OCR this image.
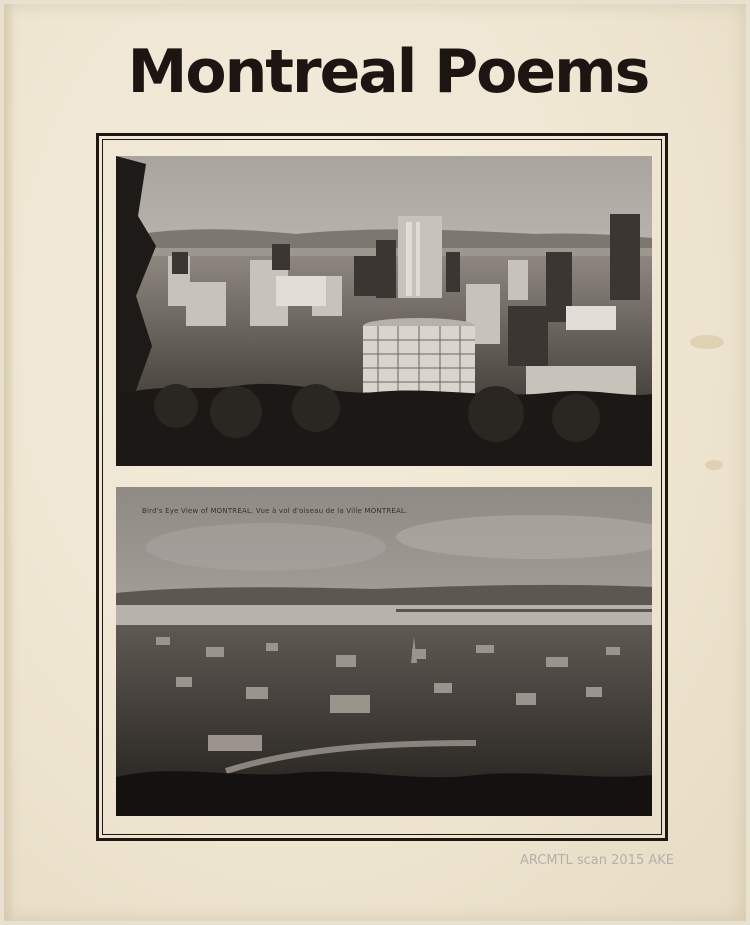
Montreal Poems
Bird's Eye View of MONTREAL. Vue à vol d'oiseau de la Ville MONTREAL.
ARCMTL scan 2015 AKE
